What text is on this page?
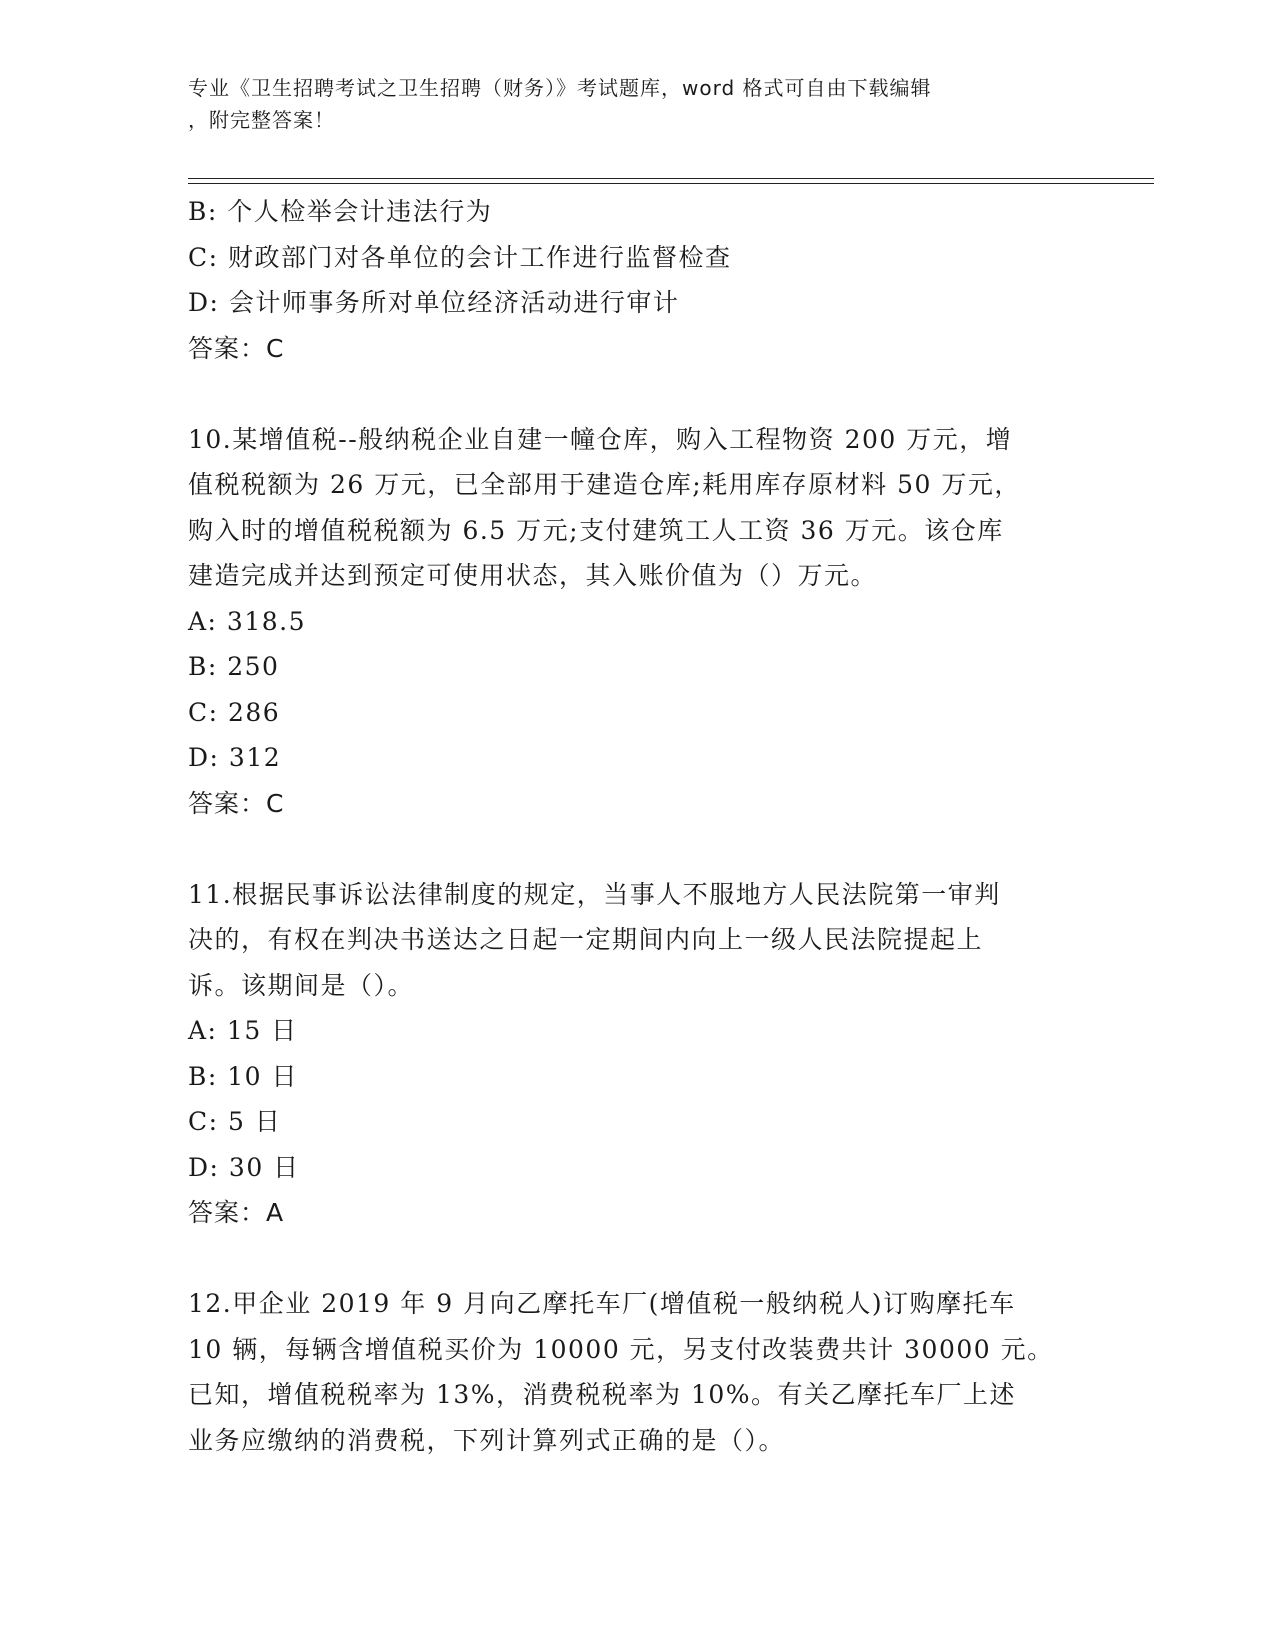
专业《卫生招聘考试之卫生招聘（财务）》考试题库，word 格式可自由下载编辑
，附完整答案！
B: 个人检举会计违法行为
C: 财政部门对各单位的会计工作进行监督检查
D: 会计师事务所对单位经济活动进行审计
答案：C
10.某增值税--般纳税企业自建一幢仓库，购入工程物资 200 万元，增
值税税额为 26 万元，已全部用于建造仓库;耗用库存原材料 50 万元，
购入时的增值税税额为 6.5 万元;支付建筑工人工资 36 万元。该仓库
建造完成并达到预定可使用状态，其入账价值为（）万元。
A: 318.5
B: 250
C: 286
D: 312
答案：C
11.根据民事诉讼法律制度的规定，当事人不服地方人民法院第一审判
决的，有权在判决书送达之日起一定期间内向上一级人民法院提起上
诉。该期间是（）。
A: 15 日
B: 10 日
C: 5 日
D: 30 日
答案：A
12.甲企业 2019 年 9 月向乙摩托车厂(增值税一般纳税人)订购摩托车
10 辆，每辆含增值税买价为 10000 元，另支付改装费共计 30000 元。
已知，增值税税率为 13%，消费税税率为 10%。有关乙摩托车厂上述
业务应缴纳的消费税，下列计算列式正确的是（）。
